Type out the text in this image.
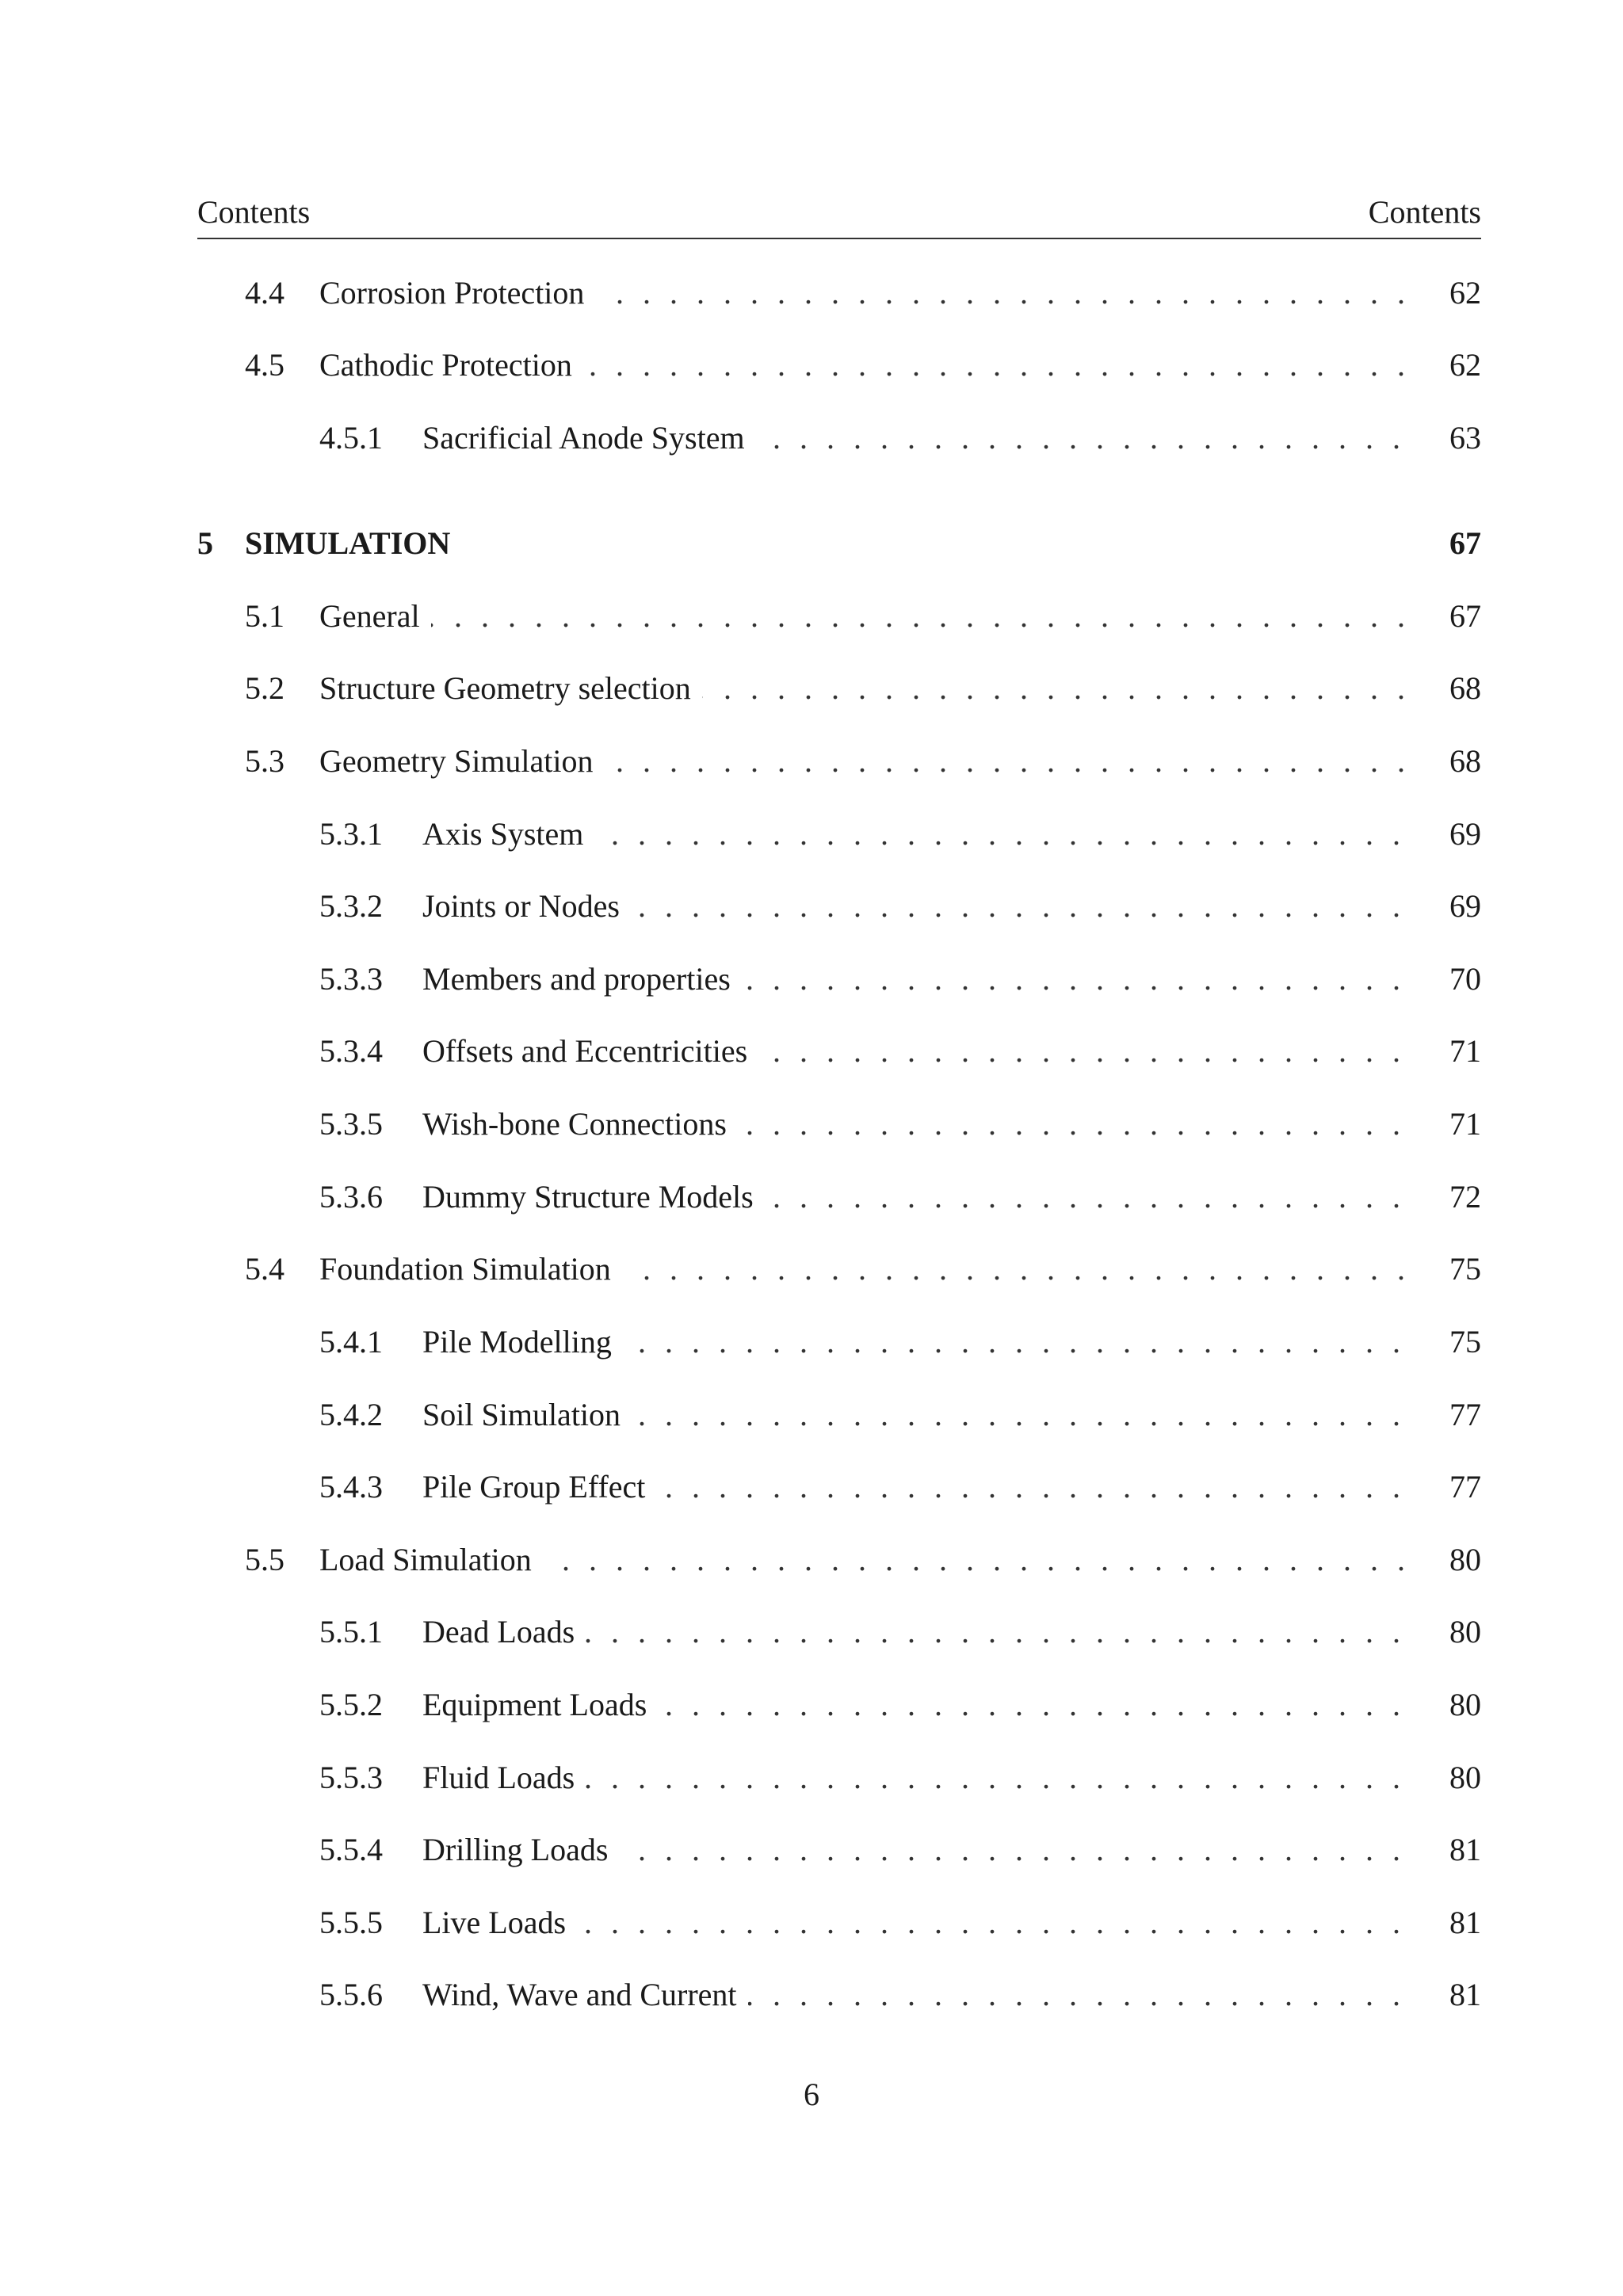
Contents	Contents
4.4 . . . Corrosion Protection	62
4.5 . . . Cathodic Protection	62
4.5.1 . . . Sacrificial Anode System	63
5 SIMULATION	67
5.1 . . . General	67
5.2 . . . Structure Geometry selection	68
5.3 . . . Geometry Simulation	68
5.3.1 . . . Axis System	69
5.3.2 . . . Joints or Nodes	69
5.3.3 . . . Members and properties	70
5.3.4 . . . Offsets and Eccentricities	71
5.3.5 . . . Wish-bone Connections	71
5.3.6 . . . Dummy Structure Models	72
5.4 . . . Foundation Simulation	75
5.4.1 . . . Pile Modelling	75
5.4.2 . . . Soil Simulation	77
5.4.3 . . . Pile Group Effect	77
5.5 . . . Load Simulation	80
5.5.1 . . . Dead Loads	80
5.5.2 . . . Equipment Loads	80
5.5.3 . . . Fluid Loads	80
5.5.4 . . . Drilling Loads	81
5.5.5 . . . Live Loads	81
5.5.6 . . . Wind, Wave and Current	81
6
